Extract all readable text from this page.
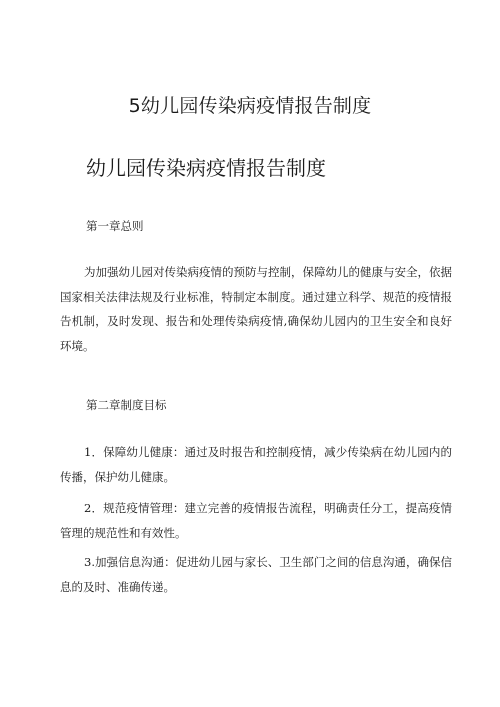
5幼儿园传染病疫情报告制度
幼儿园传染病疫情报告制度

第一章总则

为加强幼儿园对传染病疫情的预防与控制，保障幼儿的健康与安全，依据国家相关法律法规及行业标准，特制定本制度。通过建立科学、规范的疫情报告机制，及时发现、报告和处理传染病疫情,确保幼儿园内的卫生安全和良好环境。

第二章制度目标

1．保障幼儿健康：通过及时报告和控制疫情，减少传染病在幼儿园内的传播，保护幼儿健康。

2．规范疫情管理：建立完善的疫情报告流程，明确责任分工，提高疫情管理的规范性和有效性。

3.加强信息沟通：促进幼儿园与家长、卫生部门之间的信息沟通，确保信息的及时、准确传递。
